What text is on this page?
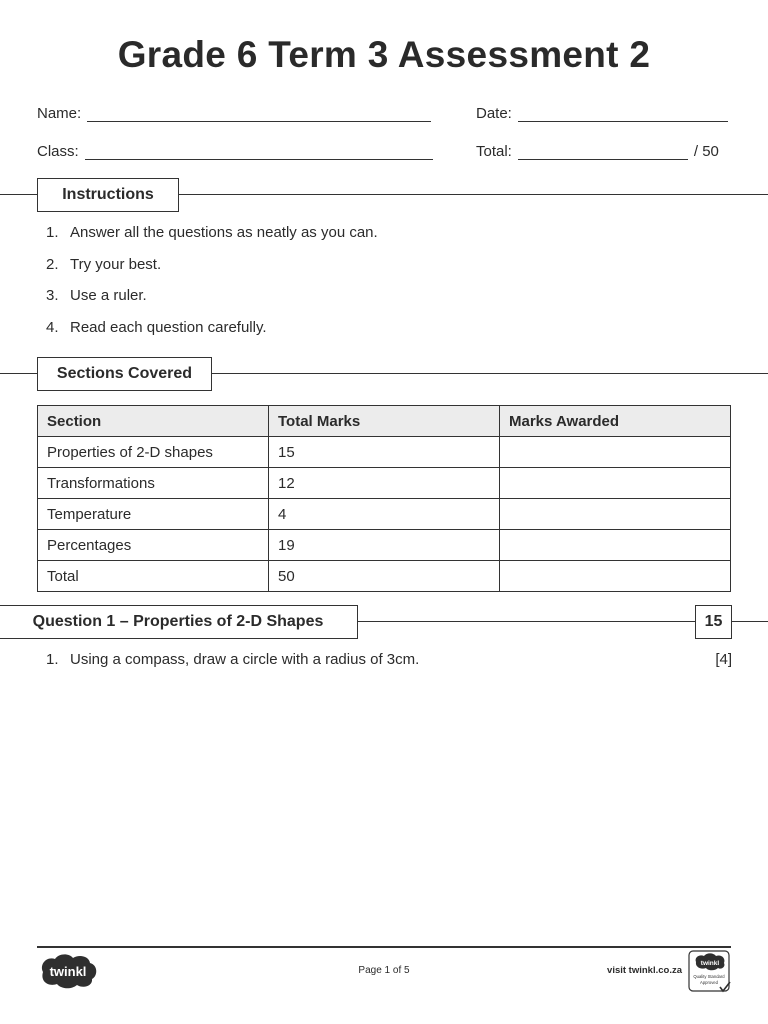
Grade 6 Term 3 Assessment 2
Name:	Date:
Class:	Total:	/ 50
Instructions
1. Answer all the questions as neatly as you can.
2. Try your best.
3. Use a ruler.
4. Read each question carefully.
Sections Covered
Section	Total Marks	Marks Awarded
Properties of 2-D shapes	15	
Transformations	12	
Temperature	4	
Percentages	19	
Total	50	
Question 1 – Properties of 2-D Shapes	15
1. Using a compass, draw a circle with a radius of 3cm.	[4]
twinkl	Page 1 of 5	visit twinkl.co.za
twinkl
Quality Standard
Approved
